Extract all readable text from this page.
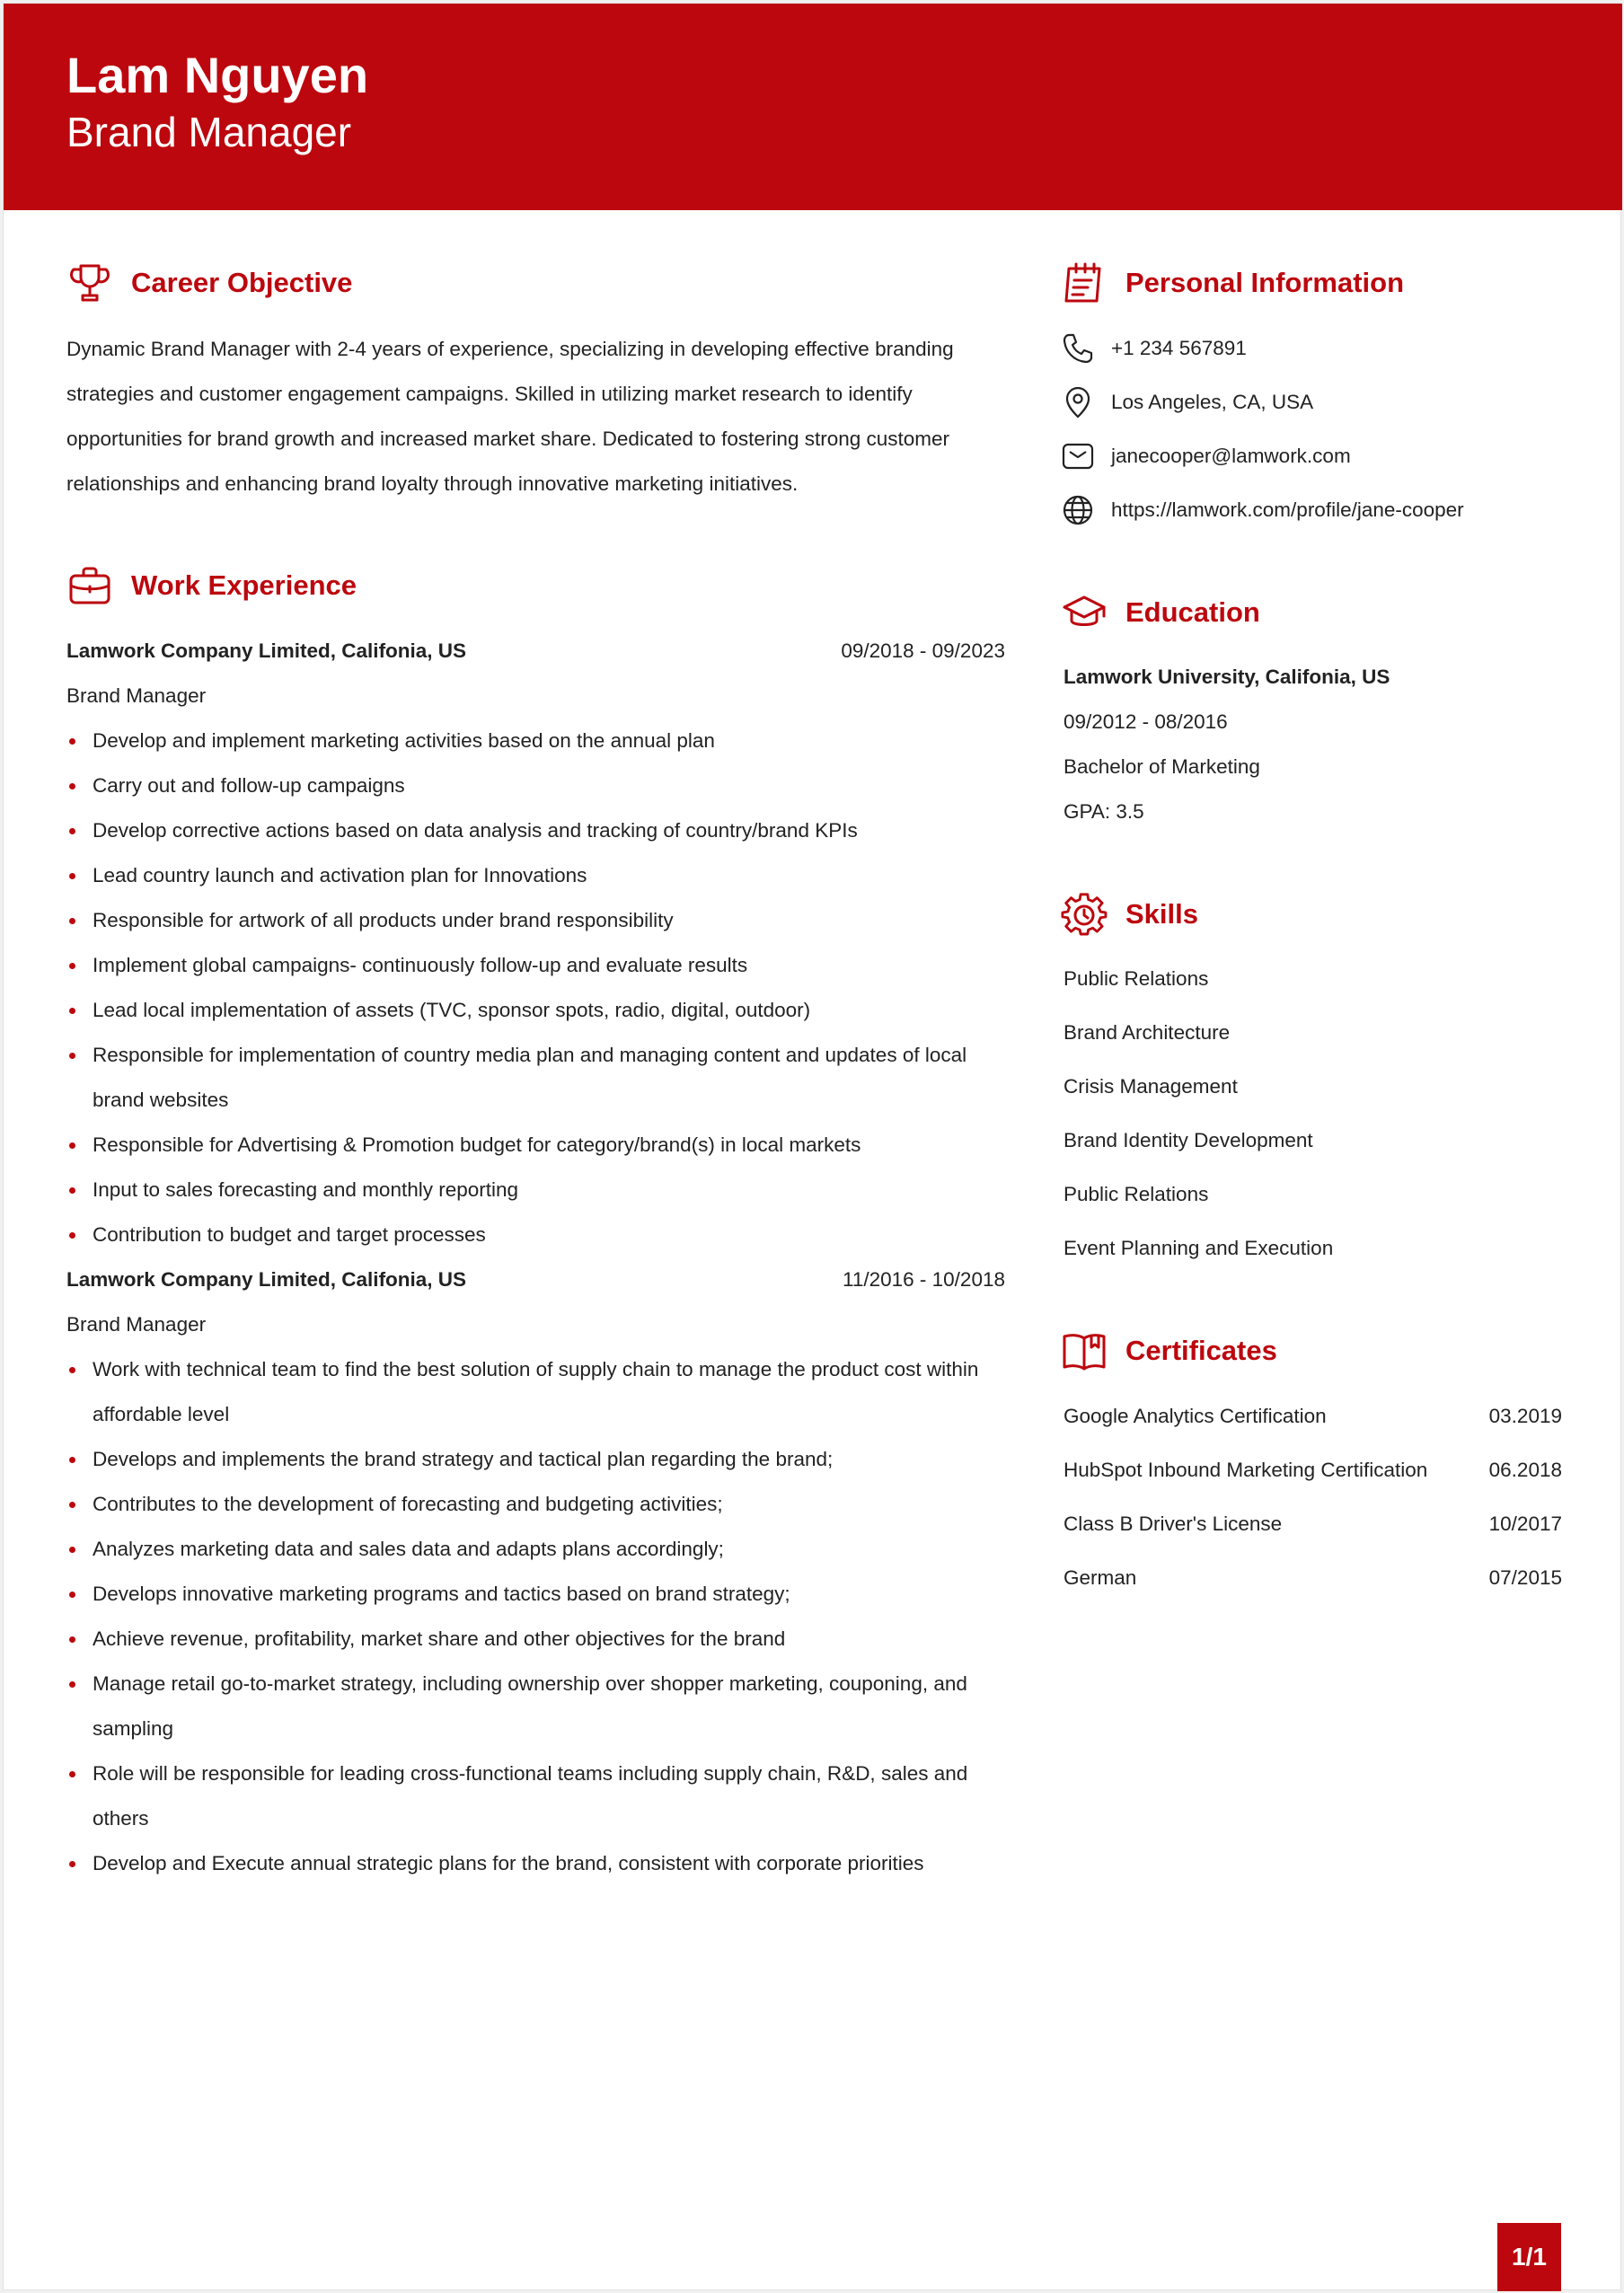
Lam Nguyen
Brand Manager
Career Objective
Dynamic Brand Manager with 2-4 years of experience, specializing in developing effective branding strategies and customer engagement campaigns. Skilled in utilizing market research to identify opportunities for brand growth and increased market share. Dedicated to fostering strong customer relationships and enhancing brand loyalty through innovative marketing initiatives.
Work Experience
Lamwork Company Limited, Califonia, US	09/2018 - 09/2023
Brand Manager
Develop and implement marketing activities based on the annual plan
Carry out and follow-up campaigns
Develop corrective actions based on data analysis and tracking of country/brand KPIs
Lead country launch and activation plan for Innovations
Responsible for artwork of all products under brand responsibility
Implement global campaigns- continuously follow-up and evaluate results
Lead local implementation of assets (TVC, sponsor spots, radio, digital, outdoor)
Responsible for implementation of country media plan and managing content and updates of local brand websites
Responsible for Advertising & Promotion budget for category/brand(s) in local markets
Input to sales forecasting and monthly reporting
Contribution to budget and target processes
Lamwork Company Limited, Califonia, US	11/2016 - 10/2018
Brand Manager
Work with technical team to find the best solution of supply chain to manage the product cost within affordable level
Develops and implements the brand strategy and tactical plan regarding the brand;
Contributes to the development of forecasting and budgeting activities;
Analyzes marketing data and sales data and adapts plans accordingly;
Develops innovative marketing programs and tactics based on brand strategy;
Achieve revenue, profitability, market share and other objectives for the brand
Manage retail go-to-market strategy, including ownership over shopper marketing, couponing, and sampling
Role will be responsible for leading cross-functional teams including supply chain, R&D, sales and others
Develop and Execute annual strategic plans for the brand, consistent with corporate priorities
Personal Information
+1 234 567891
Los Angeles, CA, USA
janecooper@lamwork.com
https://lamwork.com/profile/jane-cooper
Education
Lamwork University, Califonia, US
09/2012 - 08/2016
Bachelor of Marketing
GPA: 3.5
Skills
Public Relations
Brand Architecture
Crisis Management
Brand Identity Development
Public Relations
Event Planning and Execution
Certificates
Google Analytics Certification	03.2019
HubSpot Inbound Marketing Certification	06.2018
Class B Driver's License	10/2017
German	07/2015
1/1
